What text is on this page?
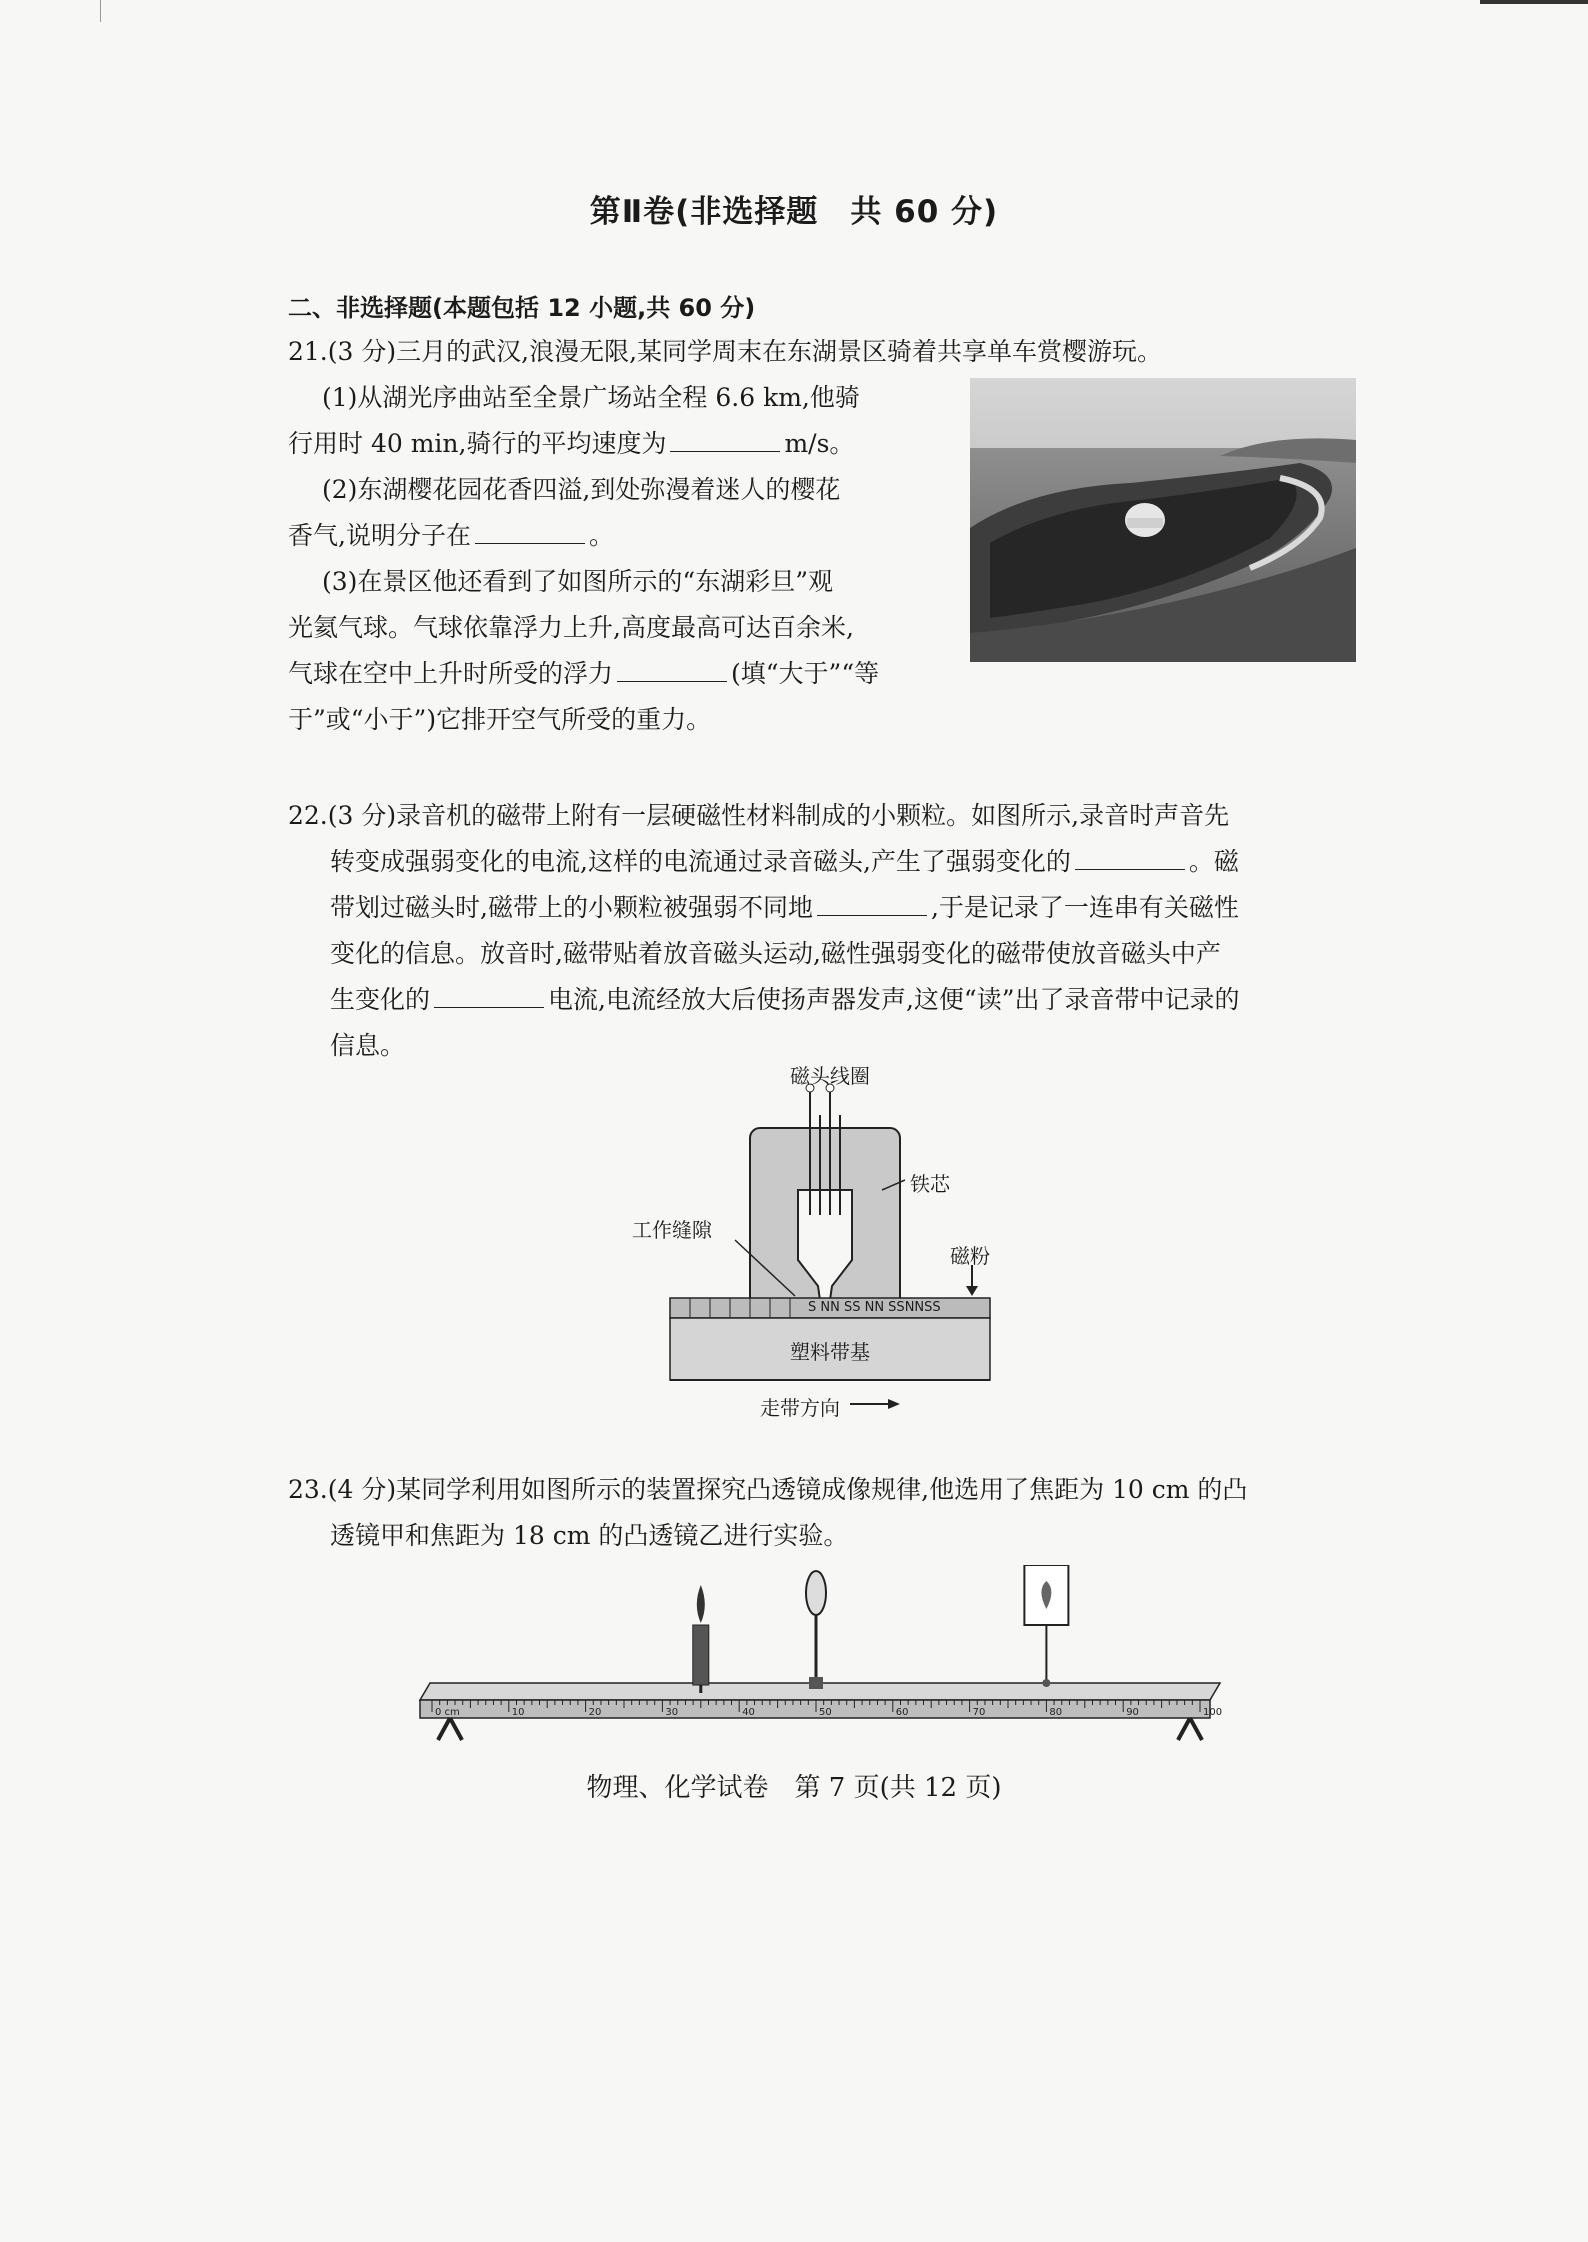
第Ⅱ卷(非选择题　共 60 分)
二、非选择题(本题包括 12 小题,共 60 分)
21.(3 分)三月的武汉,浪漫无限,某同学周末在东湖景区骑着共享单车赏樱游玩。
(1)从湖光序曲站至全景广场站全程 6.6 km,他骑
行用时 40 min,骑行的平均速度为	m/s。
(2)东湖樱花园花香四溢,到处弥漫着迷人的樱花
香气,说明分子在	。
(3)在景区他还看到了如图所示的“东湖彩旦”观
光氦气球。气球依靠浮力上升,高度最高可达百余米,
气球在空中上升时所受的浮力	(填“大于”“等
于”或“小于”)它排开空气所受的重力。
22.(3 分)录音机的磁带上附有一层硬磁性材料制成的小颗粒。如图所示,录音时声音先
转变成强弱变化的电流,这样的电流通过录音磁头,产生了强弱变化的	。磁
带划过磁头时,磁带上的小颗粒被强弱不同地	,于是记录了一连串有关磁性
变化的信息。放音时,磁带贴着放音磁头运动,磁性强弱变化的磁带使放音磁头中产
生变化的	电流,电流经放大后使扬声器发声,这便“读”出了录音带中记录的
信息。
磁头线圈
铁芯
工作缝隙
磁粉
S NN SS NN SSNNSS
塑料带基
走带方向
23.(4 分)某同学利用如图所示的装置探究凸透镜成像规律,他选用了焦距为 10 cm 的凸
透镜甲和焦距为 18 cm 的凸透镜乙进行实验。
0 cm	10	20	30	40	50	60	70	80	90	100
物理、化学试卷　第 7 页(共 12 页)
